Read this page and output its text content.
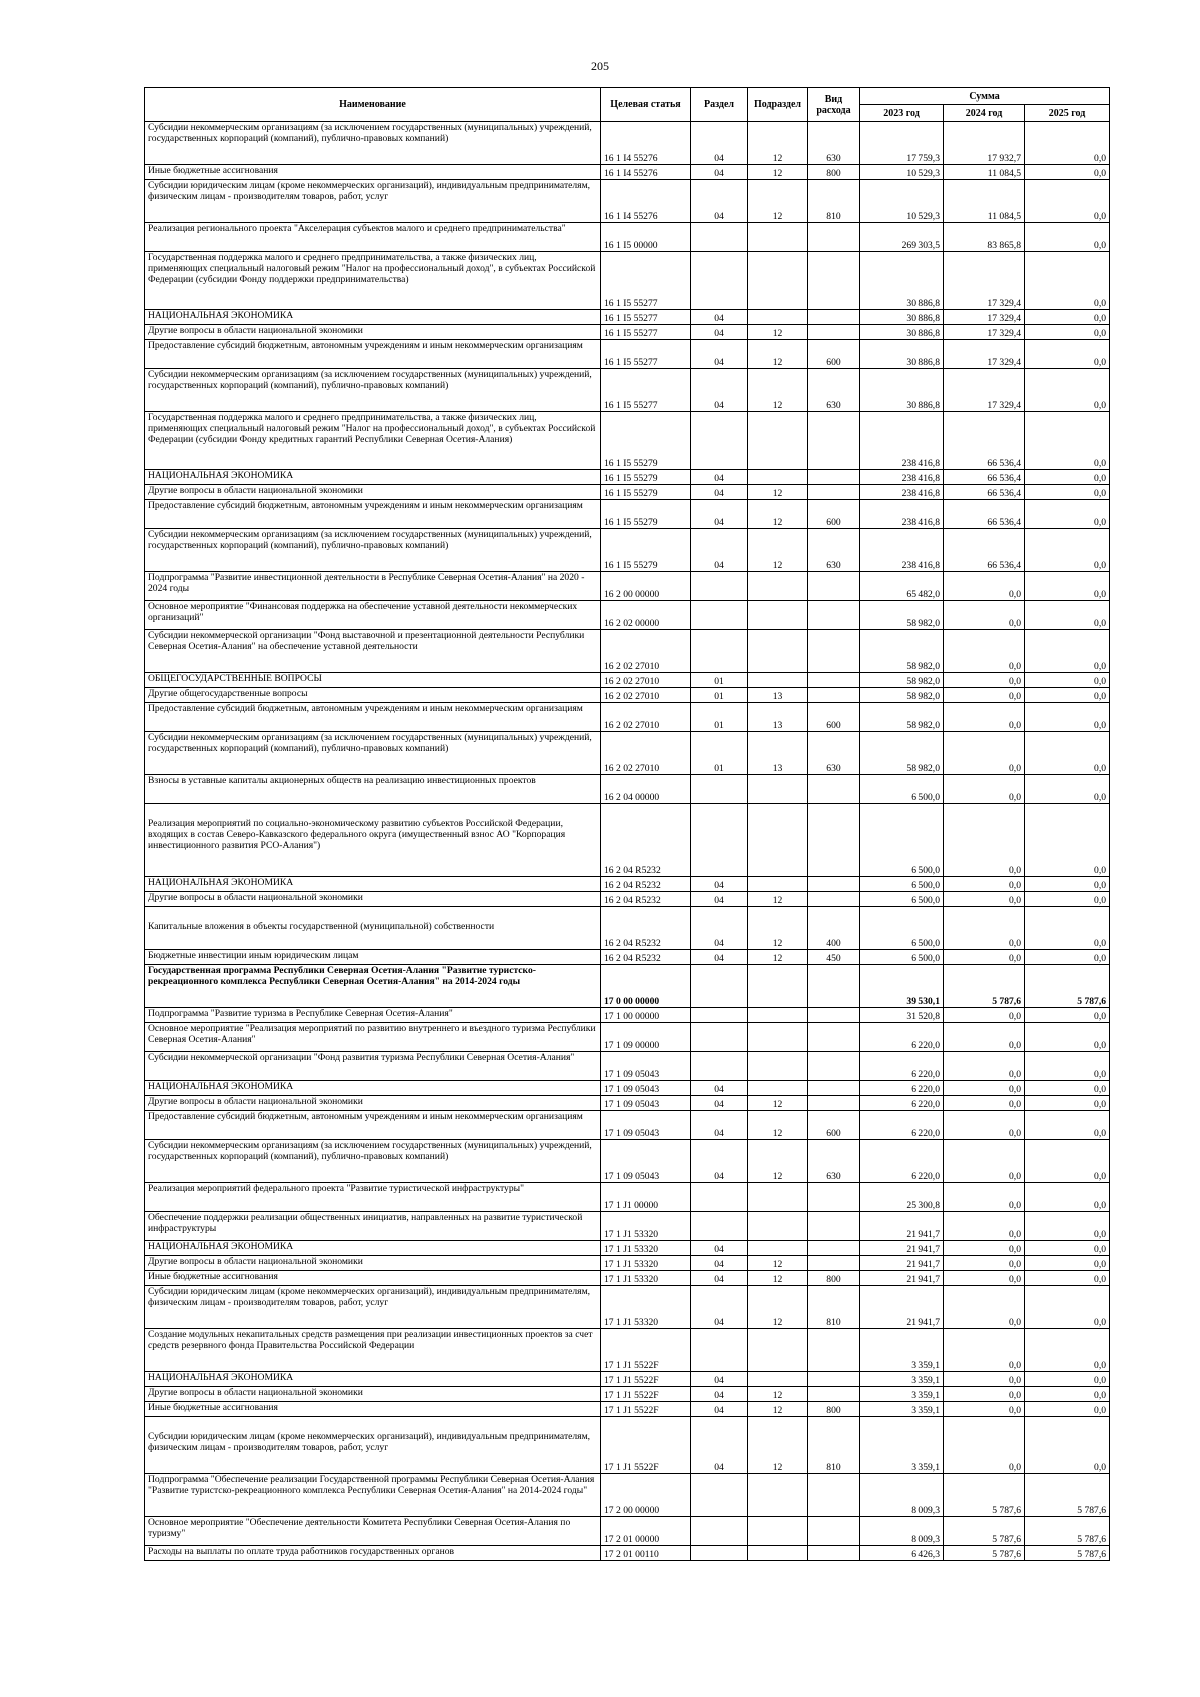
205
Наименование	Целевая статья	Раздел	Подраздел	Вид расхода	Сумма		
					2023 год	2024 год	2025 год
Субсидии некоммерческим организациям (за исключением государственных (муниципальных) учреждений, государственных корпораций (компаний), публично-правовых компаний)	16 1 I4 55276	04	12	630	17 759,3	17 932,7	0,0
Иные бюджетные ассигнования	16 1 I4 55276	04	12	800	10 529,3	11 084,5	0,0
Субсидии юридическим лицам (кроме некоммерческих организаций), индивидуальным предпринимателям, физическим лицам - производителям товаров, работ, услуг	16 1 I4 55276	04	12	810	10 529,3	11 084,5	0,0
Реализация регионального проекта "Акселерация субъектов малого и среднего предпринимательства"	16 1 I5 00000				269 303,5	83 865,8	0,0
Государственная поддержка малого и среднего предпринимательства, а также физических лиц, применяющих специальный налоговый режим "Налог на профессиональный доход", в субъектах Российской Федерации (субсидии Фонду поддержки предпринимательства)	16 1 I5 55277				30 886,8	17 329,4	0,0
НАЦИОНАЛЬНАЯ ЭКОНОМИКА	16 1 I5 55277	04			30 886,8	17 329,4	0,0
Другие вопросы в области национальной экономики	16 1 I5 55277	04	12		30 886,8	17 329,4	0,0
Предоставление субсидий бюджетным, автономным учреждениям и иным некоммерческим организациям	16 1 I5 55277	04	12	600	30 886,8	17 329,4	0,0
Субсидии некоммерческим организациям (за исключением государственных (муниципальных) учреждений, государственных корпораций (компаний), публично-правовых компаний)	16 1 I5 55277	04	12	630	30 886,8	17 329,4	0,0
Государственная поддержка малого и среднего предпринимательства, а также физических лиц, применяющих специальный налоговый режим "Налог на профессиональный доход", в субъектах Российской Федерации (субсидии Фонду кредитных гарантий Республики Северная Осетия-Алания)	16 1 I5 55279				238 416,8	66 536,4	0,0
НАЦИОНАЛЬНАЯ ЭКОНОМИКА	16 1 I5 55279	04			238 416,8	66 536,4	0,0
Другие вопросы в области национальной экономики	16 1 I5 55279	04	12		238 416,8	66 536,4	0,0
Предоставление субсидий бюджетным, автономным учреждениям и иным некоммерческим организациям	16 1 I5 55279	04	12	600	238 416,8	66 536,4	0,0
Субсидии некоммерческим организациям (за исключением государственных (муниципальных) учреждений, государственных корпораций (компаний), публично-правовых компаний)	16 1 I5 55279	04	12	630	238 416,8	66 536,4	0,0
Подпрограмма "Развитие инвестиционной деятельности в Республике Северная Осетия-Алания" на 2020 - 2024 годы	16 2 00 00000				65 482,0	0,0	0,0
Основное мероприятие "Финансовая поддержка на обеспечение уставной деятельности некоммерческих организаций"	16 2 02 00000				58 982,0	0,0	0,0
Субсидии некоммерческой организации "Фонд выставочной и презентационной деятельности Республики Северная Осетия-Алания" на обеспечение уставной деятельности	16 2 02 27010				58 982,0	0,0	0,0
ОБЩЕГОСУДАРСТВЕННЫЕ ВОПРОСЫ	16 2 02 27010	01			58 982,0	0,0	0,0
Другие общегосударственные вопросы	16 2 02 27010	01	13		58 982,0	0,0	0,0
Предоставление субсидий бюджетным, автономным учреждениям и иным некоммерческим организациям	16 2 02 27010	01	13	600	58 982,0	0,0	0,0
Субсидии некоммерческим организациям (за исключением государственных (муниципальных) учреждений, государственных корпораций (компаний), публично-правовых компаний)	16 2 02 27010	01	13	630	58 982,0	0,0	0,0
Взносы в уставные капиталы акционерных обществ на реализацию инвестиционных проектов	16 2 04 00000				6 500,0	0,0	0,0
Реализация мероприятий по социально-экономическому развитию субъектов Российской Федерации, входящих в состав Северо-Кавказского федерального округа (имущественный взнос АО "Корпорация инвестиционного развития РСО-Алания")	16 2 04 R5232				6 500,0	0,0	0,0
НАЦИОНАЛЬНАЯ ЭКОНОМИКА	16 2 04 R5232	04			6 500,0	0,0	0,0
Другие вопросы в области национальной экономики	16 2 04 R5232	04	12		6 500,0	0,0	0,0
Капитальные вложения в объекты государственной (муниципальной) собственности	16 2 04 R5232	04	12	400	6 500,0	0,0	0,0
Бюджетные инвестиции иным юридическим лицам	16 2 04 R5232	04	12	450	6 500,0	0,0	0,0
Государственная программа Республики Северная Осетия-Алания "Развитие туристско-рекреационного комплекса Республики Северная Осетия-Алания" на 2014-2024 годы	17 0 00 00000				39 530,1	5 787,6	5 787,6
Подпрограмма "Развитие туризма в Республике Северная Осетия-Алания"	17 1 00 00000				31 520,8	0,0	0,0
Основное мероприятие "Реализация мероприятий по развитию внутреннего и въездного туризма Республики Северная Осетия-Алания"	17 1 09 00000				6 220,0	0,0	0,0
Субсидии некоммерческой организации "Фонд развития туризма Республики Северная Осетия-Алания"	17 1 09 05043				6 220,0	0,0	0,0
НАЦИОНАЛЬНАЯ ЭКОНОМИКА	17 1 09 05043	04			6 220,0	0,0	0,0
Другие вопросы в области национальной экономики	17 1 09 05043	04	12		6 220,0	0,0	0,0
Предоставление субсидий бюджетным, автономным учреждениям и иным некоммерческим организациям	17 1 09 05043	04	12	600	6 220,0	0,0	0,0
Субсидии некоммерческим организациям (за исключением государственных (муниципальных) учреждений, государственных корпораций (компаний), публично-правовых компаний)	17 1 09 05043	04	12	630	6 220,0	0,0	0,0
Реализация мероприятий федерального проекта "Развитие туристической инфраструктуры"	17 1 J1 00000				25 300,8	0,0	0,0
Обеспечение поддержки реализации общественных инициатив, направленных на развитие туристической инфраструктуры	17 1 J1 53320				21 941,7	0,0	0,0
НАЦИОНАЛЬНАЯ ЭКОНОМИКА	17 1 J1 53320	04			21 941,7	0,0	0,0
Другие вопросы в области национальной экономики	17 1 J1 53320	04	12		21 941,7	0,0	0,0
Иные бюджетные ассигнования	17 1 J1 53320	04	12	800	21 941,7	0,0	0,0
Субсидии юридическим лицам (кроме некоммерческих организаций), индивидуальным предпринимателям, физическим лицам - производителям товаров, работ, услуг	17 1 J1 53320	04	12	810	21 941,7	0,0	0,0
Создание модульных некапитальных средств размещения при реализации инвестиционных проектов за счет средств резервного фонда Правительства Российской Федерации	17 1 J1 5522F				3 359,1	0,0	0,0
НАЦИОНАЛЬНАЯ ЭКОНОМИКА	17 1 J1 5522F	04			3 359,1	0,0	0,0
Другие вопросы в области национальной экономики	17 1 J1 5522F	04	12		3 359,1	0,0	0,0
Иные бюджетные ассигнования	17 1 J1 5522F	04	12	800	3 359,1	0,0	0,0
Субсидии юридическим лицам (кроме некоммерческих организаций), индивидуальным предпринимателям, физическим лицам - производителям товаров, работ, услуг	17 1 J1 5522F	04	12	810	3 359,1	0,0	0,0
Подпрограмма "Обеспечение реализации Государственной программы Республики Северная Осетия-Алания "Развитие туристско-рекреационного комплекса Республики Северная Осетия-Алания" на 2014-2024 годы"	17 2 00 00000				8 009,3	5 787,6	5 787,6
Основное мероприятие "Обеспечение деятельности Комитета Республики Северная Осетия-Алания по туризму"	17 2 01 00000				8 009,3	5 787,6	5 787,6
Расходы на выплаты по оплате труда работников государственных органов	17 2 01 00110				6 426,3	5 787,6	5 787,6
